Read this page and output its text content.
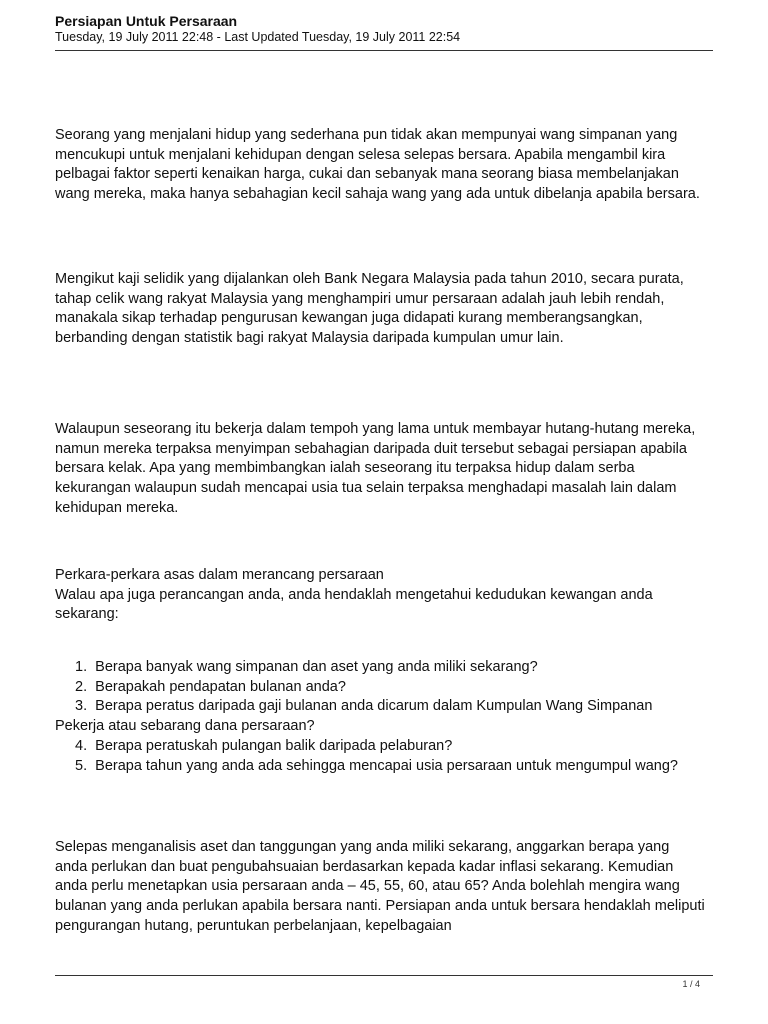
Persiapan Untuk Persaraan

Tuesday, 19 July 2011 22:48 - Last Updated Tuesday, 19 July 2011 22:54

Seorang yang menjalani hidup yang sederhana pun tidak akan mempunyai wang simpanan yang mencukupi untuk menjalani kehidupan dengan selesa selepas bersara. Apabila mengambil kira pelbagai faktor seperti kenaikan harga, cukai dan sebanyak mana seorang biasa membelanjakan wang mereka, maka hanya sebahagian kecil sahaja wang yang ada untuk dibelanja apabila bersara.

Mengikut kaji selidik yang dijalankan oleh Bank Negara Malaysia pada tahun 2010, secara purata, tahap celik wang rakyat Malaysia yang menghampiri umur persaraan adalah jauh lebih rendah, manakala sikap terhadap pengurusan kewangan juga didapati kurang memberangsangkan, berbanding dengan statistik bagi rakyat Malaysia daripada kumpulan umur lain.

Walaupun seseorang itu bekerja dalam tempoh yang lama untuk membayar hutang-hutang mereka, namun mereka terpaksa menyimpan sebahagian daripada duit tersebut sebagai persiapan apabila bersara kelak. Apa yang membimbangkan ialah seseorang itu terpaksa hidup dalam serba kekurangan walaupun sudah mencapai usia tua selain terpaksa menghadapi masalah lain dalam kehidupan mereka.

Perkara-perkara asas dalam merancang persaraan
Walau apa juga perancangan anda, anda hendaklah mengetahui kedudukan kewangan anda sekarang:

1.  Berapa banyak wang simpanan dan aset yang anda miliki sekarang?

2.  Berapakah pendapatan bulanan anda?

3.  Berapa peratus daripada gaji bulanan anda dicarum dalam Kumpulan Wang Simpanan Pekerja atau sebarang dana persaraan?

4.  Berapa peratuskah pulangan balik daripada pelaburan?

5.  Berapa tahun yang anda ada sehingga mencapai usia persaraan untuk mengumpul wang?

Selepas menganalisis aset dan tanggungan yang anda miliki sekarang, anggarkan berapa yang anda perlukan dan buat pengubahsuaian berdasarkan kepada kadar inflasi sekarang. Kemudian anda perlu menetapkan usia persaraan anda – 45, 55, 60, atau 65? Anda bolehlah mengira wang bulanan yang anda perlukan apabila bersara nanti. Persiapan anda untuk bersara hendaklah meliputi pengurangan hutang, peruntukan perbelanjaan, kepelbagaian

1 / 4
